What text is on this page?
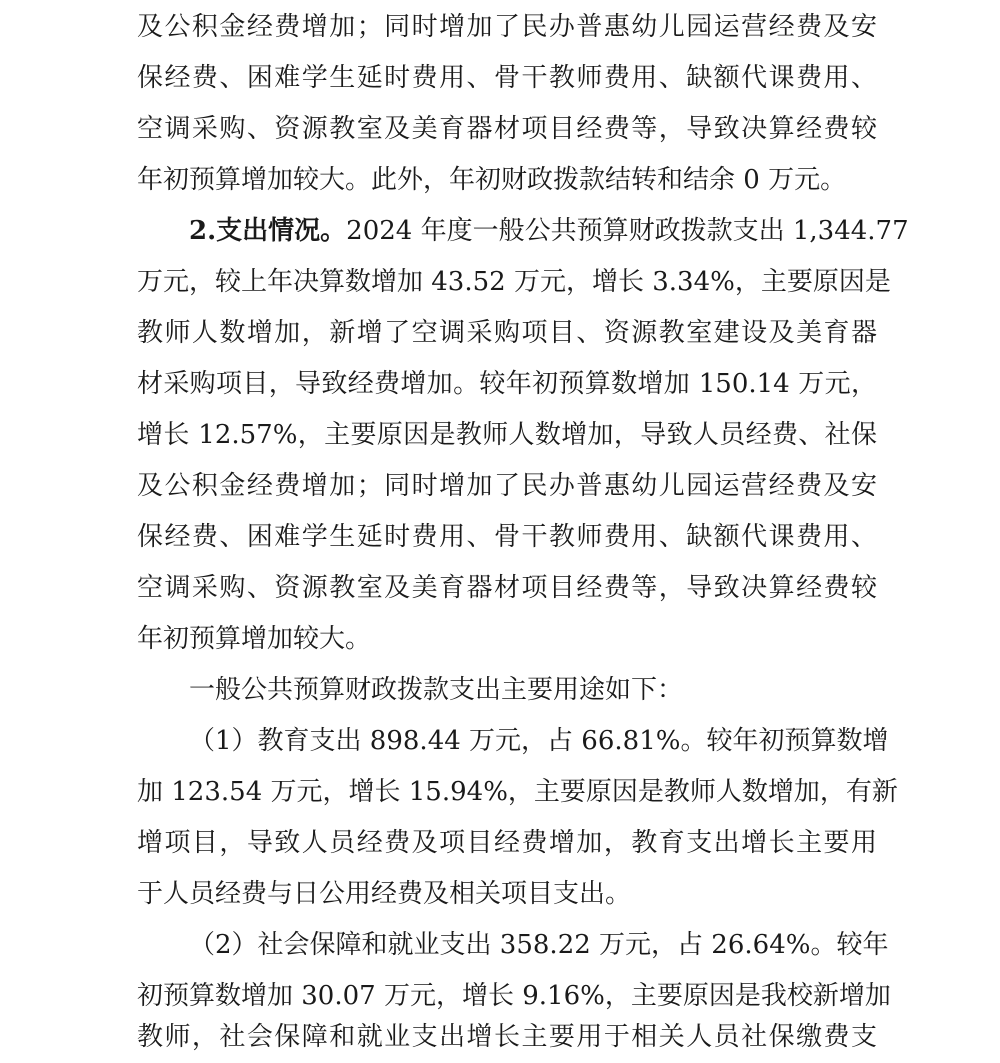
及公积金经费增加；同时增加了民办普惠幼儿园运营经费及安
保经费、困难学生延时费用、骨干教师费用、缺额代课费用、
空调采购、资源教室及美育器材项目经费等，导致决算经费较
年初预算增加较大。此外，年初财政拨款结转和结余 0 万元。
2.支出情况。2024 年度一般公共预算财政拨款支出 1,344.77
万元，较上年决算数增加 43.52 万元，增长 3.34%，主要原因是
教师人数增加，新增了空调采购项目、资源教室建设及美育器
材采购项目，导致经费增加。较年初预算数增加 150.14 万元，
增长 12.57%，主要原因是教师人数增加，导致人员经费、社保
及公积金经费增加；同时增加了民办普惠幼儿园运营经费及安
保经费、困难学生延时费用、骨干教师费用、缺额代课费用、
空调采购、资源教室及美育器材项目经费等，导致决算经费较
年初预算增加较大。
一般公共预算财政拨款支出主要用途如下：
（1）教育支出 898.44 万元，占 66.81%。较年初预算数增
加 123.54 万元，增长 15.94%，主要原因是教师人数增加，有新
增项目，导致人员经费及项目经费增加，教育支出增长主要用
于人员经费与日公用经费及相关项目支出。
（2）社会保障和就业支出 358.22 万元，占 26.64%。较年
初预算数增加 30.07 万元，增长 9.16%，主要原因是我校新增加
教师，社会保障和就业支出增长主要用于相关人员社保缴费支
